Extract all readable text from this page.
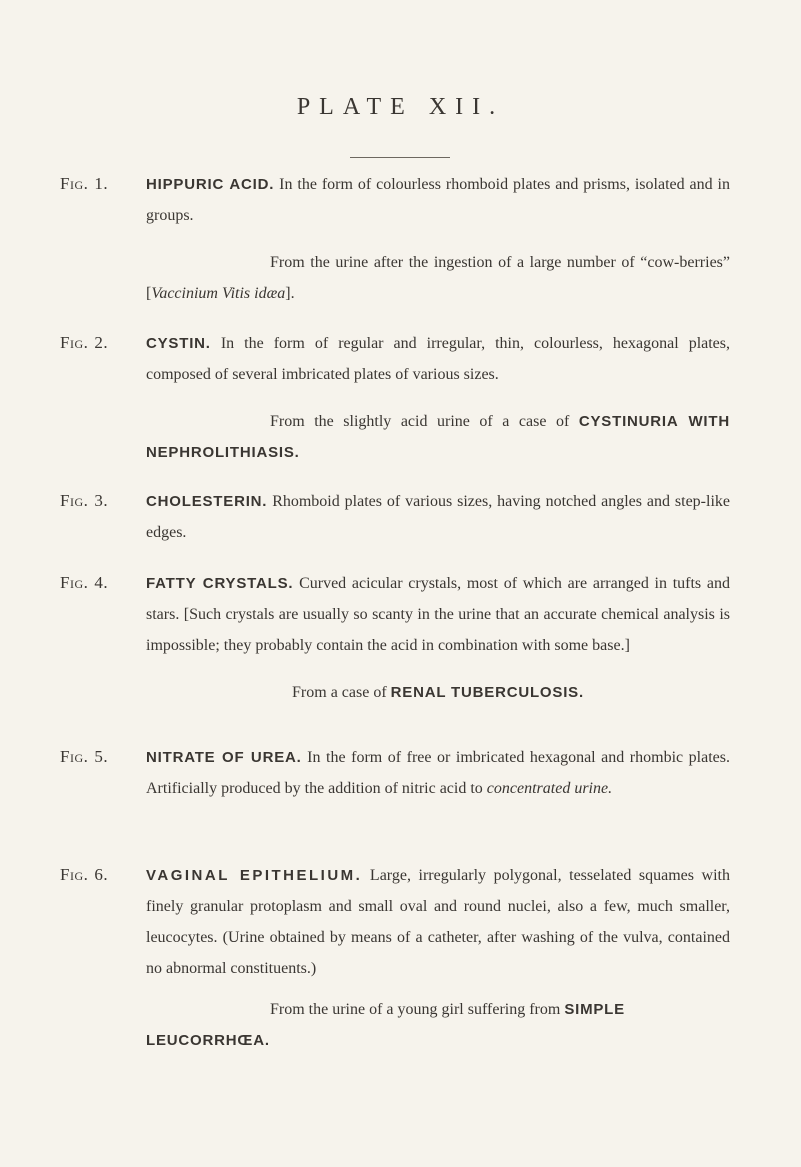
PLATE XII.
Fig. 1.	HIPPURIC ACID. In the form of colourless rhomboid plates and prisms, isolated and in groups.
From the urine after the ingestion of a large number of “cow-berries” [Vaccinium Vitis idæa].
Fig. 2.	CYSTIN. In the form of regular and irregular, thin, colourless, hexagonal plates, composed of several imbricated plates of various sizes.
From the slightly acid urine of a case of CYSTINURIA WITH NEPHROLITHIASIS.
Fig. 3.	CHOLESTERIN. Rhomboid plates of various sizes, having notched angles and step-like edges.
Fig. 4.	FATTY CRYSTALS. Curved acicular crystals, most of which are arranged in tufts and stars. [Such crystals are usually so scanty in the urine that an accurate chemical analysis is impossible; they probably contain the acid in combination with some base.]
From a case of RENAL TUBERCULOSIS.
Fig. 5.	NITRATE OF UREA. In the form of free or imbricated hexagonal and rhombic plates. Artificially produced by the addition of nitric acid to concentrated urine.
Fig. 6.	VAGINAL EPITHELIUM. Large, irregularly polygonal, tesselated squames with finely granular protoplasm and small oval and round nuclei, also a few, much smaller, leucocytes. (Urine obtained by means of a catheter, after washing of the vulva, contained no abnormal constituents.)
From the urine of a young girl suffering from SIMPLE LEUCORRHŒA.
